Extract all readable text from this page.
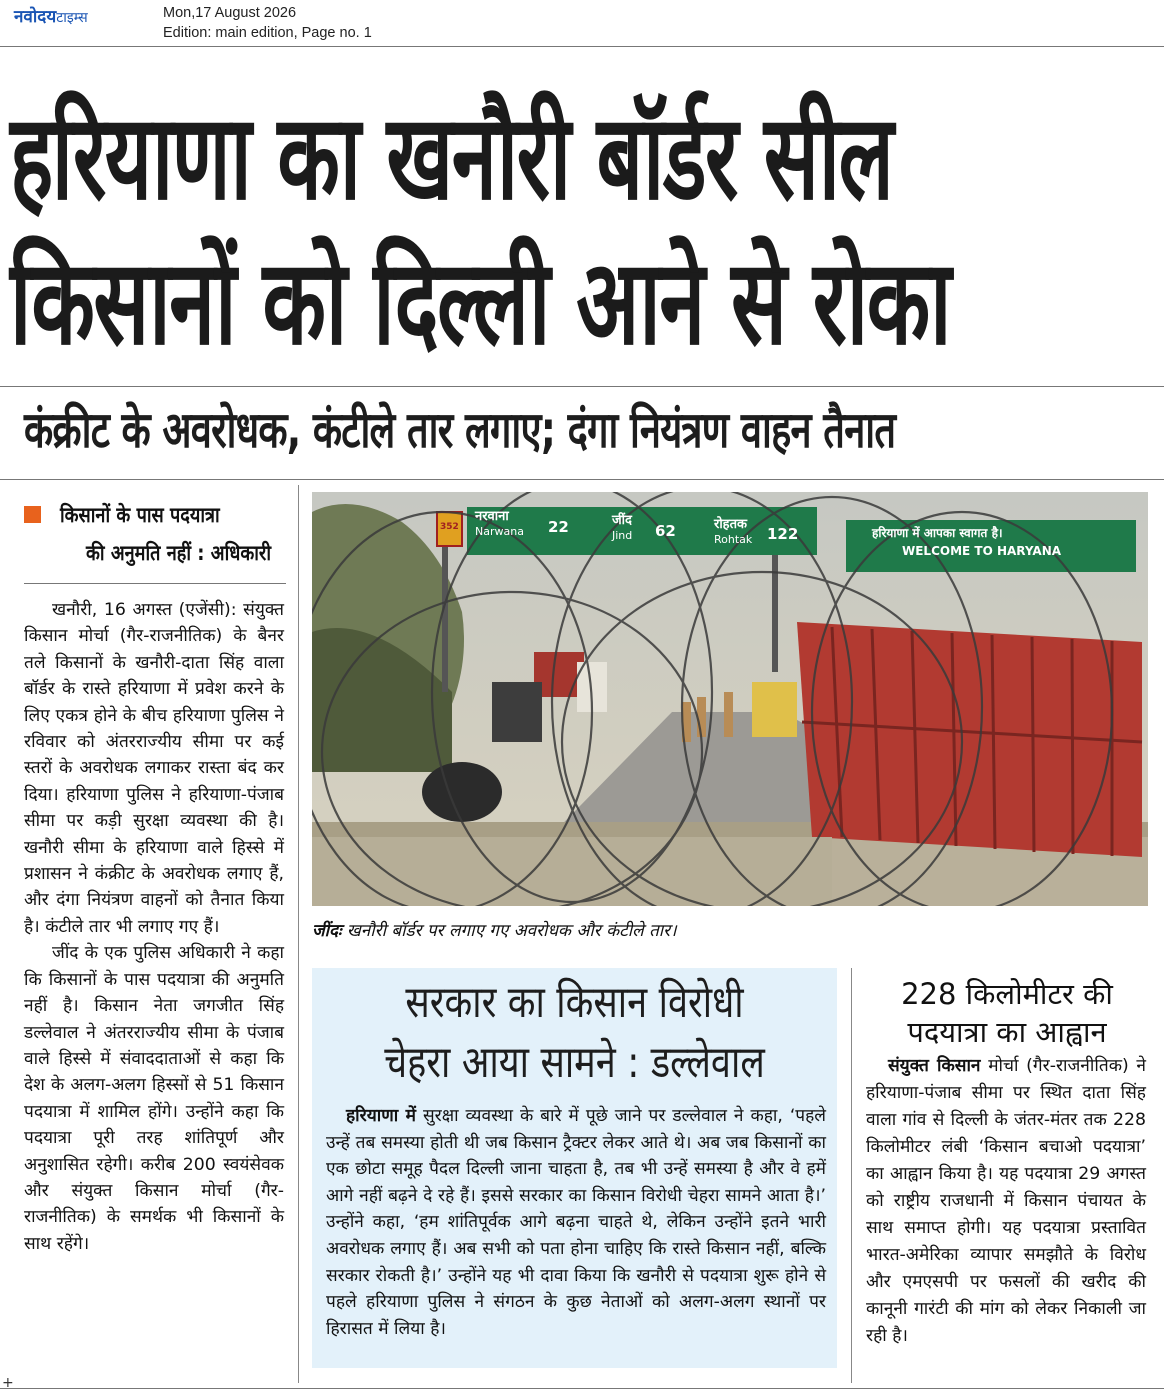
नवोदयटाइम्स	Mon,17 August 2026
Edition: main edition, Page no. 1
हरियाणा का खनौरी बॉर्डर सील
किसानों को दिल्ली आने से रोका
कंक्रीट के अवरोधक, कंटीले तार लगाए; दंगा नियंत्रण वाहन तैनात
किसानों के पास पदयात्रा
की अनुमति नहीं : अधिकारी

खनौरी, 16 अगस्त (एजेंसी): संयुक्त किसान मोर्चा (गैर-राजनीतिक) के बैनर तले किसानों के खनौरी-दाता सिंह वाला बॉर्डर के रास्ते हरियाणा में प्रवेश करने के लिए एकत्र होने के बीच हरियाणा पुलिस ने रविवार को अंतरराज्यीय सीमा पर कई स्तरों के अवरोधक लगाकर रास्ता बंद कर दिया। हरियाणा पुलिस ने हरियाणा-पंजाब सीमा पर कड़ी सुरक्षा व्यवस्था की है। खनौरी सीमा के हरियाणा वाले हिस्से में प्रशासन ने कंक्रीट के अवरोधक लगाए हैं, और दंगा नियंत्रण वाहनों को तैनात किया है। कंटीले तार भी लगाए गए हैं।

जींद के एक पुलिस अधिकारी ने कहा कि किसानों के पास पदयात्रा की अनुमति नहीं है। किसान नेता जगजीत सिंह डल्लेवाल ने अंतरराज्यीय सीमा के पंजाब वाले हिस्से में संवाददाताओं से कहा कि देश के अलग-अलग हिस्सों से 51 किसान पदयात्रा में शामिल होंगे। उन्होंने कहा कि पदयात्रा पूरी तरह शांतिपूर्ण और अनुशासित रहेगी। करीब 200 स्वयंसेवक और संयुक्त किसान मोर्चा (गैर-राजनीतिक) के समर्थक भी किसानों के साथ रहेंगे।

नरवाना
Narwana 22	जींद
Jind 62	रोहतक
Rohtak 122	हरियाणा में आपका स्वागत है।
WELCOME TO HARYANA
352
जींदः खनौरी बॉर्डर पर लगाए गए अवरोधक और कंटीले तार।
सरकार का किसान विरोधी
चेहरा आया सामने : डल्लेवाल

हरियाणा में सुरक्षा व्यवस्था के बारे में पूछे जाने पर डल्लेवाल ने कहा, ‘पहले उन्हें तब समस्या होती थी जब किसान ट्रैक्टर लेकर आते थे। अब जब किसानों का एक छोटा समूह पैदल दिल्ली जाना चाहता है, तब भी उन्हें समस्या है और वे हमें आगे नहीं बढ़ने दे रहे हैं। इससे सरकार का किसान विरोधी चेहरा सामने आता है।’ उन्होंने कहा, ‘हम शांतिपूर्वक आगे बढ़ना चाहते थे, लेकिन उन्होंने इतने भारी अवरोधक लगाए हैं। अब सभी को पता होना चाहिए कि रास्ते किसान नहीं, बल्कि सरकार रोकती है।’ उन्होंने यह भी दावा किया कि खनौरी से पदयात्रा शुरू होने से पहले हरियाणा पुलिस ने संगठन के कुछ नेताओं को अलग-अलग स्थानों पर हिरासत में लिया है।

228 किलोमीटर की
पदयात्रा का आह्वान

संयुक्त किसान मोर्चा (गैर-राजनीतिक) ने हरियाणा-पंजाब सीमा पर स्थित दाता सिंह वाला गांव से दिल्ली के जंतर-मंतर तक 228 किलोमीटर लंबी ‘किसान बचाओ पदयात्रा’ का आह्वान किया है। यह पदयात्रा 29 अगस्त को राष्ट्रीय राजधानी में किसान पंचायत के साथ समाप्त होगी। यह पदयात्रा प्रस्तावित भारत-अमेरिका व्यापार समझौते के विरोध और एमएसपी पर फसलों की खरीद की कानूनी गारंटी की मांग को लेकर निकाली जा रही है।

+
